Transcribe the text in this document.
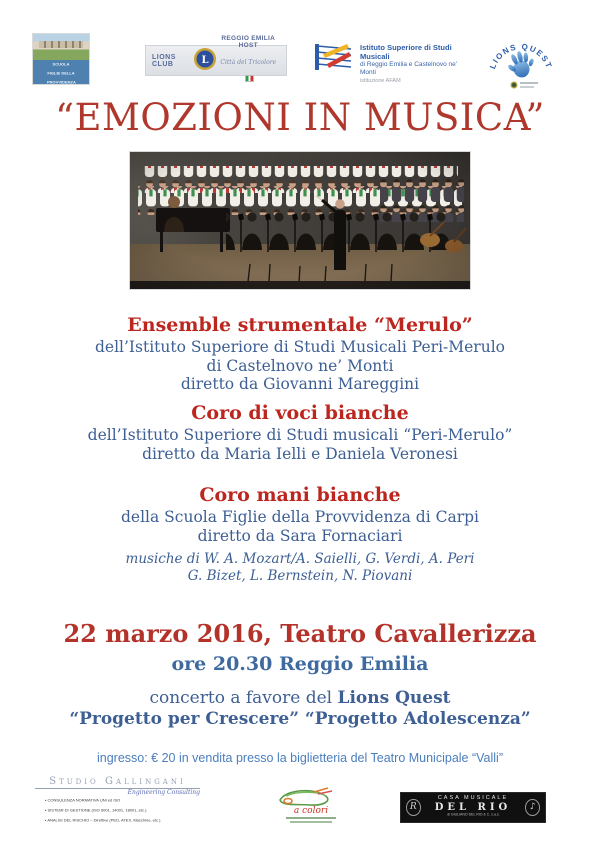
SCUOLA
FIGLIE DELLA
PROVVIDENZA
LIONS CLUB	L
REGGIO EMILIA HOST
Città del Tricolore
Istituto Superiore di Studi Musicali
di Reggio Emilia e Castelnovo ne’ Monti
istituzione AFAM
LIONS QUEST
“EMOZIONI IN MUSICA”
Ensemble strumentale “Merulo”
dell’Istituto Superiore di Studi Musicali Peri-Merulo
di Castelnovo ne’ Monti
diretto da Giovanni Mareggini
Coro di voci bianche
dell’Istituto Superiore di Studi musicali “Peri-Merulo”
diretto da Maria Ielli e Daniela Veronesi
Coro mani bianche
della Scuola Figlie della Provvidenza di Carpi
diretto da Sara Fornaciari
musiche di W. A. Mozart/A. Saielli, G. Verdi, A. Peri
G. Bizet, L. Bernstein, N. Piovani
22 marzo 2016, Teatro Cavallerizza
ore 20.30 Reggio Emilia
concerto a favore del Lions Quest
“Progetto per Crescere” “Progetto Adolescenza”
ingresso: € 20 in vendita presso la biglietteria del Teatro Municipale “Valli”
Studio Gallingani
Engineering Consulting
▪ CONSULENZA NORMATIVA UNI ed ISO
▪ SISTEMI DI GESTIONE (ISO 9001, 14001, 18001, etc.)
▪ ANALISI DEL RISCHIO – Direttive (PED, ATEX, Macchine, etc.)
a colori	R
CASA MUSICALE
DEL RIO
di GIULIANO DEL RIO & C. s.a.s.
♪
